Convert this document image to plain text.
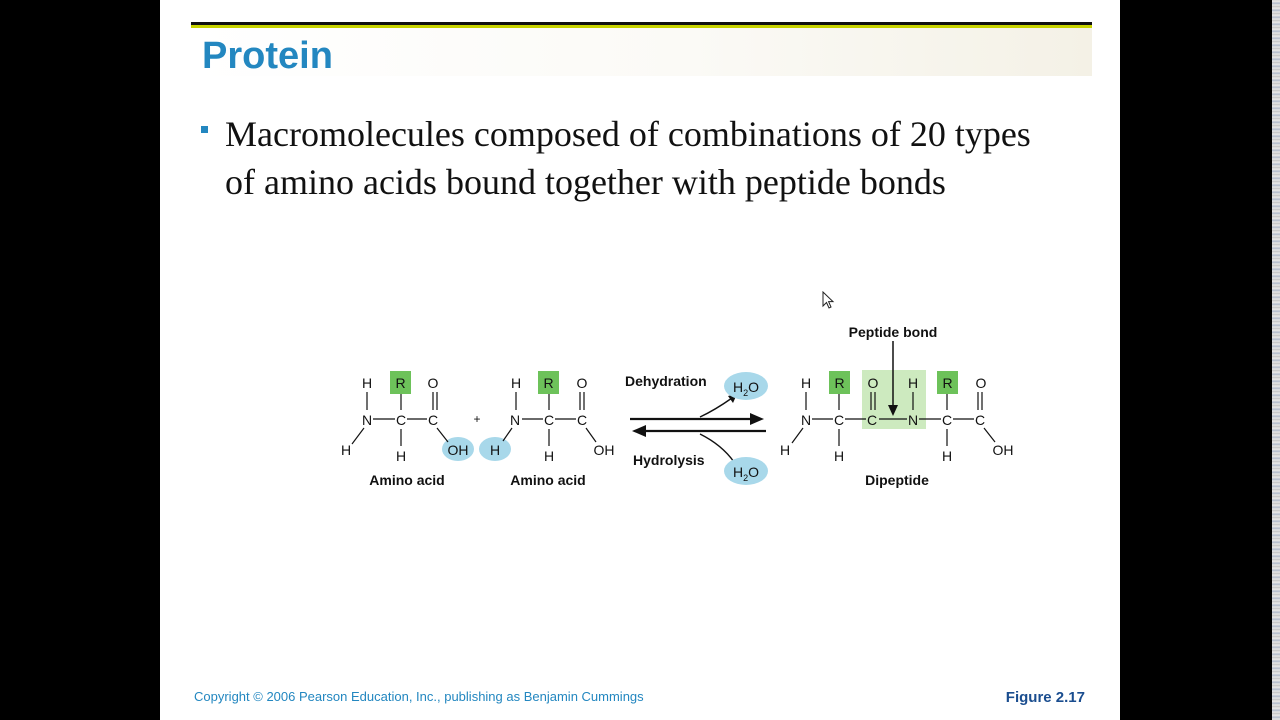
Protein

Macromolecules composed of combinations of 20 types of amino acids bound together with peptide bonds

R
H	O
N C C
H	H	OH
+
R
H	O
N C C
H	H	OH
Dehydration
Hydrolysis
$H_2O$
$H_2O$
R	R
H	O H	O
N C C N C C
H	H	H	OH
Peptide bond
Amino acid	Amino acid	Dipeptide
Copyright © 2006 Pearson Education, Inc., publishing as Benjamin Cummings	Figure 2.17
